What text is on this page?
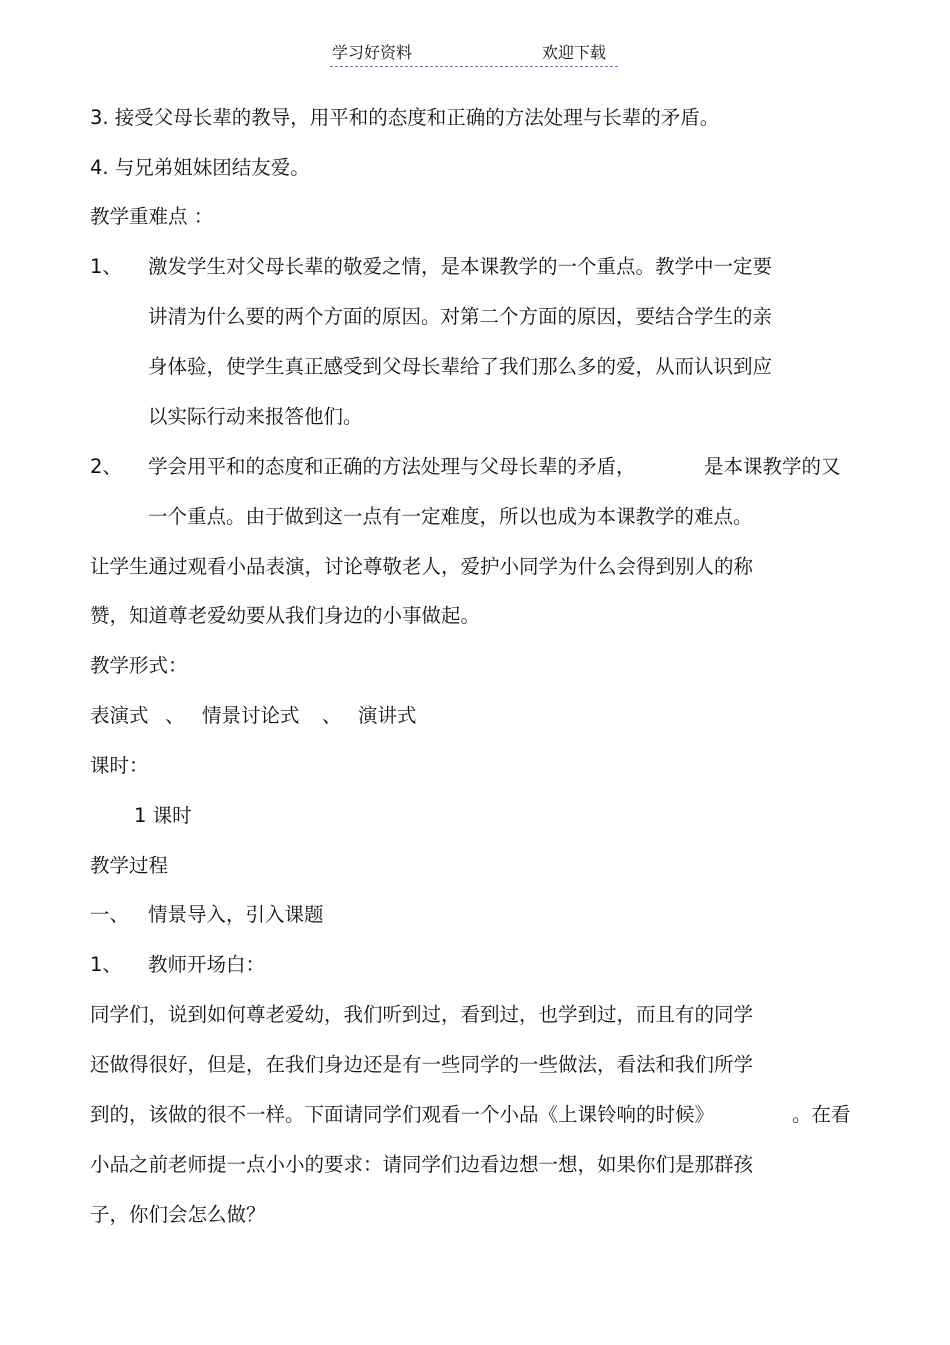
学习好资料	欢迎下载
3. 接受父母长辈的教导，用平和的态度和正确的方法处理与长辈的矛盾。
4. 与兄弟姐妹团结友爱。
教学重难点 ：
1、 激发学生对父母长辈的敬爱之情，是本课教学的一个重点。教学中一定要
讲清为什么要的两个方面的原因。对第二个方面的原因，要结合学生的亲
身体验，使学生真正感受到父母长辈给了我们那么多的爱，从而认识到应
以实际行动来报答他们。
2、 学会用平和的态度和正确的方法处理与父母长辈的矛盾，	是本课教学的又
一个重点。由于做到这一点有一定难度，所以也成为本课教学的难点。
让学生通过观看小品表演，讨论尊敬老人，爱护小同学为什么会得到别人的称
赞，知道尊老爱幼要从我们身边的小事做起。
教学形式：
表演式 、 情景讨论式 、 演讲式
课时：
1 课时
教学过程
一、 情景导入，引入课题
1、 教师开场白：
同学们，说到如何尊老爱幼，我们听到过，看到过，也学到过，而且有的同学
还做得很好，但是，在我们身边还是有一些同学的一些做法，看法和我们所学
到的，该做的很不一样。下面请同学们观看一个小品《上课铃响的时候》	。在看
小品之前老师提一点小小的要求：请同学们边看边想一想，如果你们是那群孩
子，你们会怎么做？
